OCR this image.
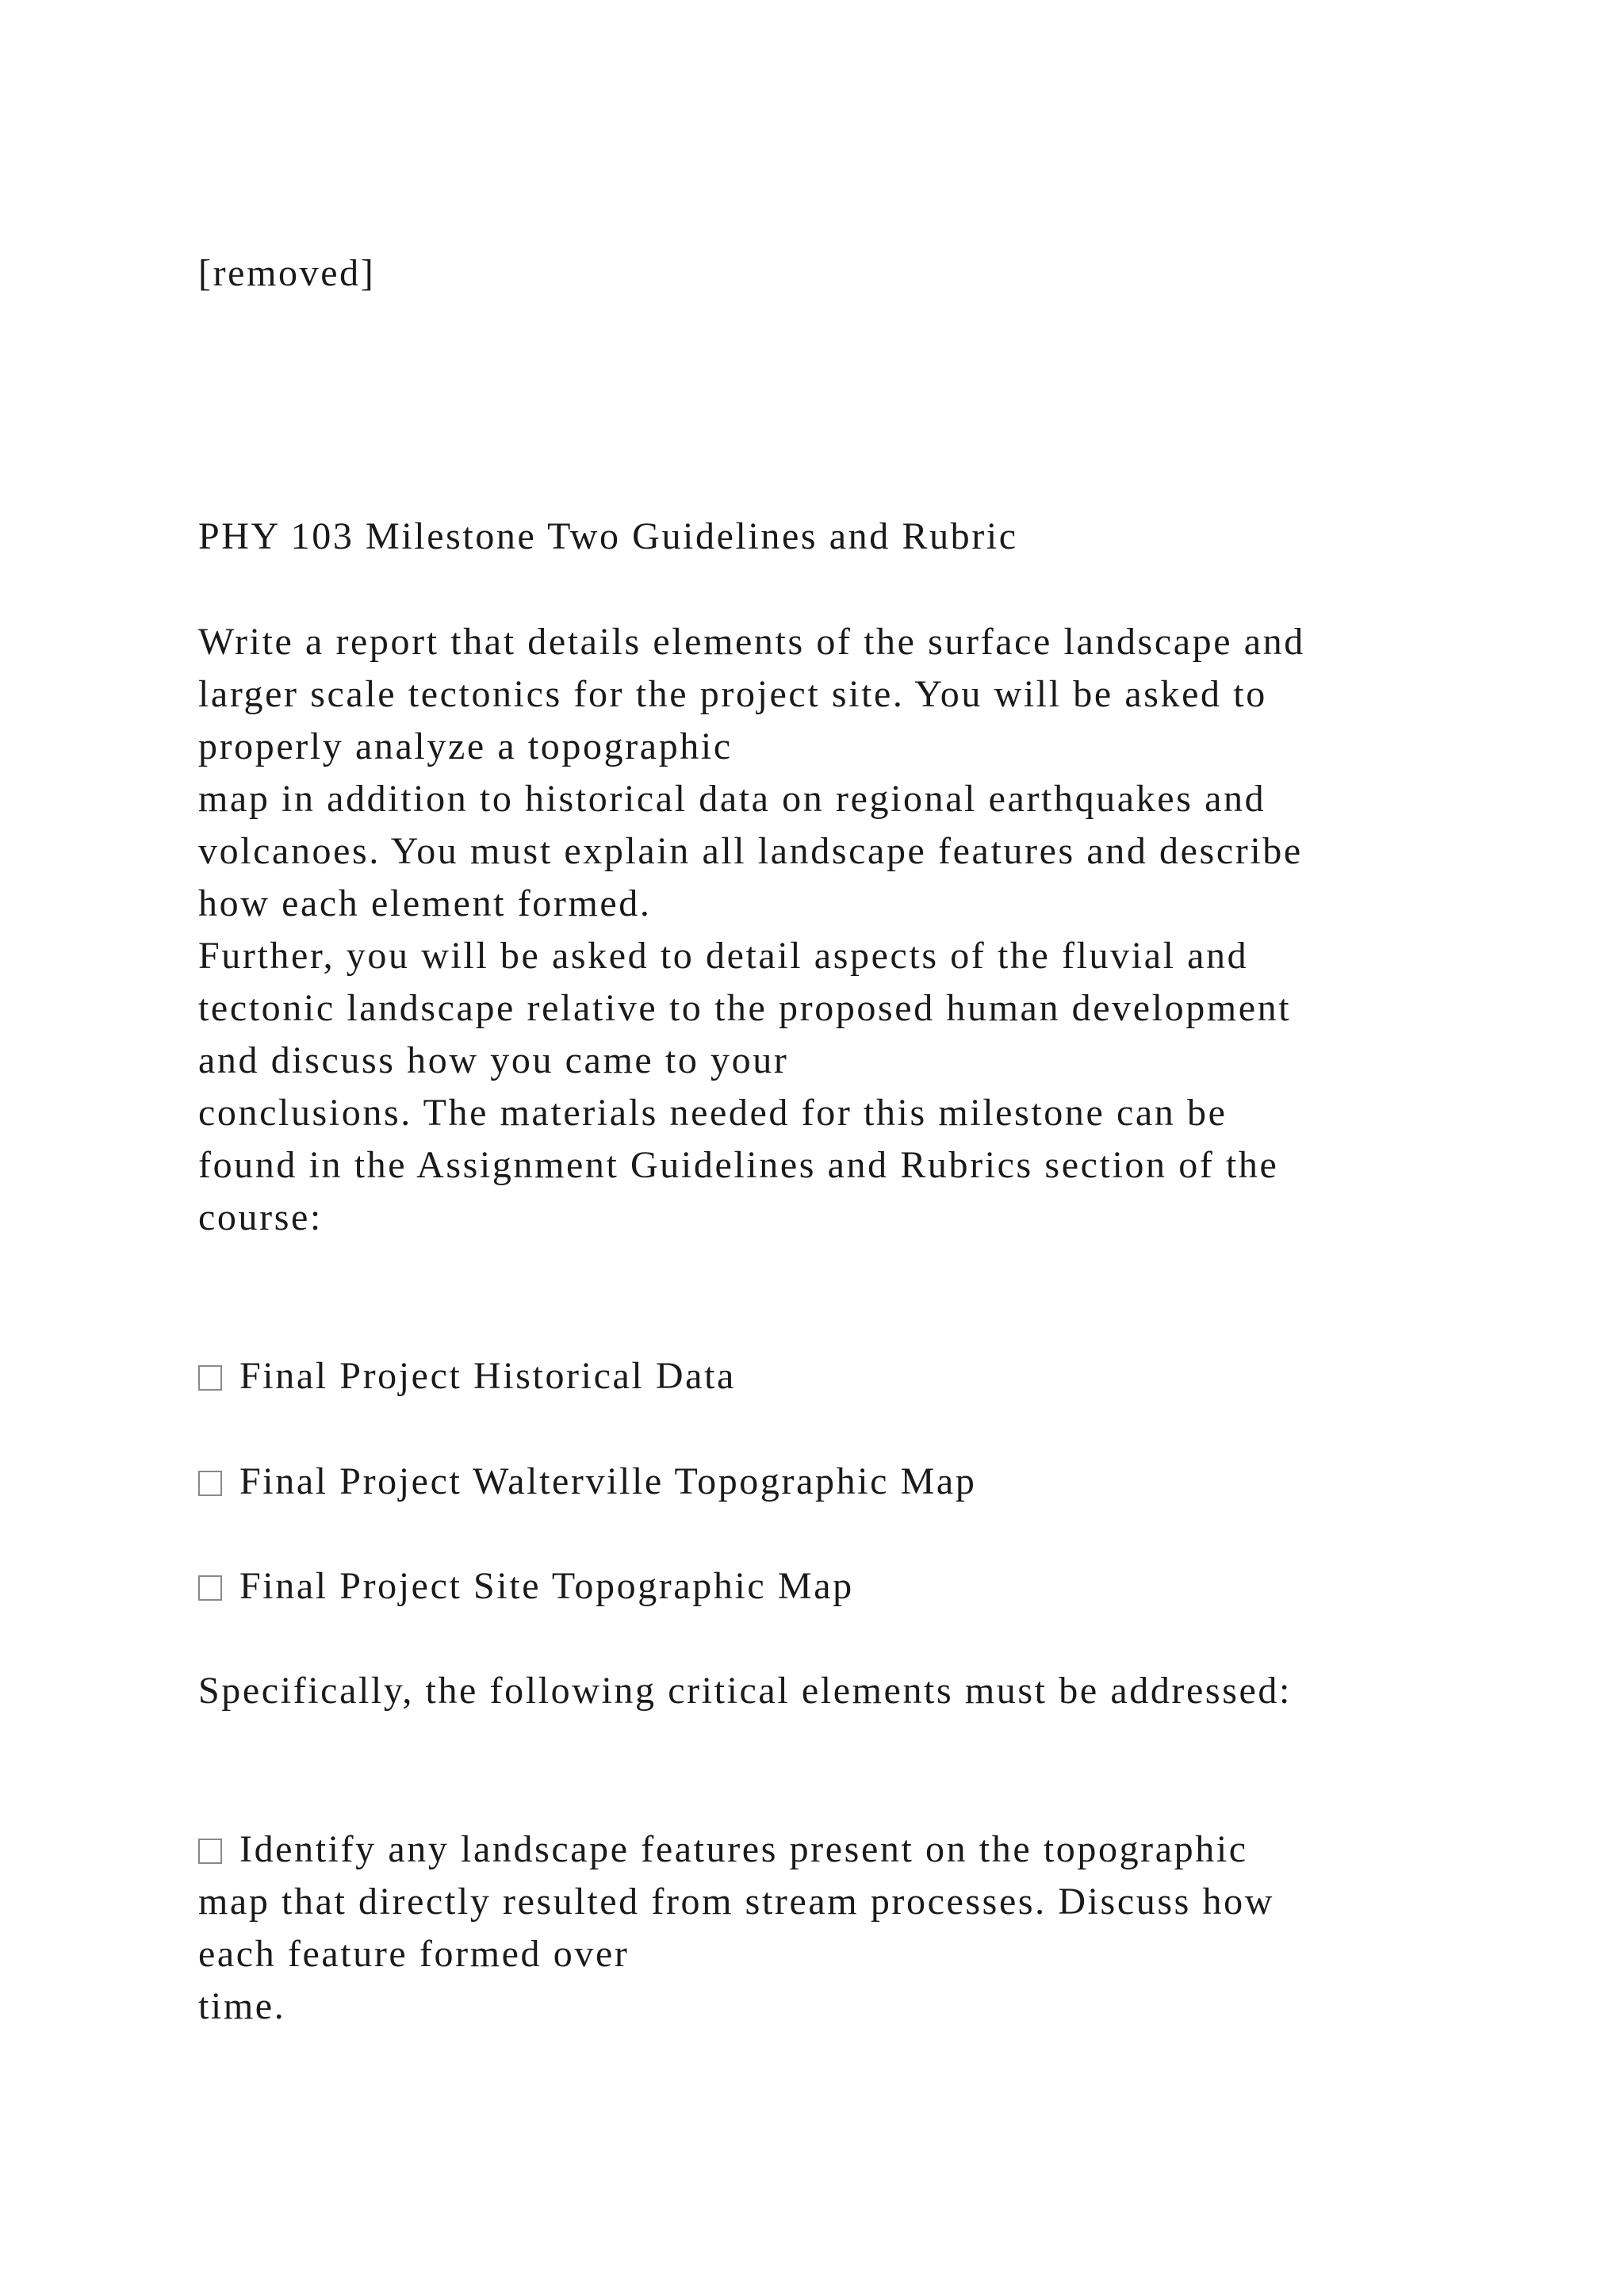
[removed]

PHY 103 Milestone Two Guidelines and Rubric

Write a report that details elements of the surface landscape and

larger scale tectonics for the project site. You will be asked to

properly analyze a topographic

map in addition to historical data on regional earthquakes and

volcanoes. You must explain all landscape features and describe

how each element formed.

Further, you will be asked to detail aspects of the fluvial and

tectonic landscape relative to the proposed human development

and discuss how you came to your

conclusions. The materials needed for this milestone can be

found in the Assignment Guidelines and Rubrics section of the

course:

Final Project Historical Data

Final Project Walterville Topographic Map

Final Project Site Topographic Map

Specifically, the following critical elements must be addressed:

Identify any landscape features present on the topographic

map that directly resulted from stream processes. Discuss how

each feature formed over

time.
